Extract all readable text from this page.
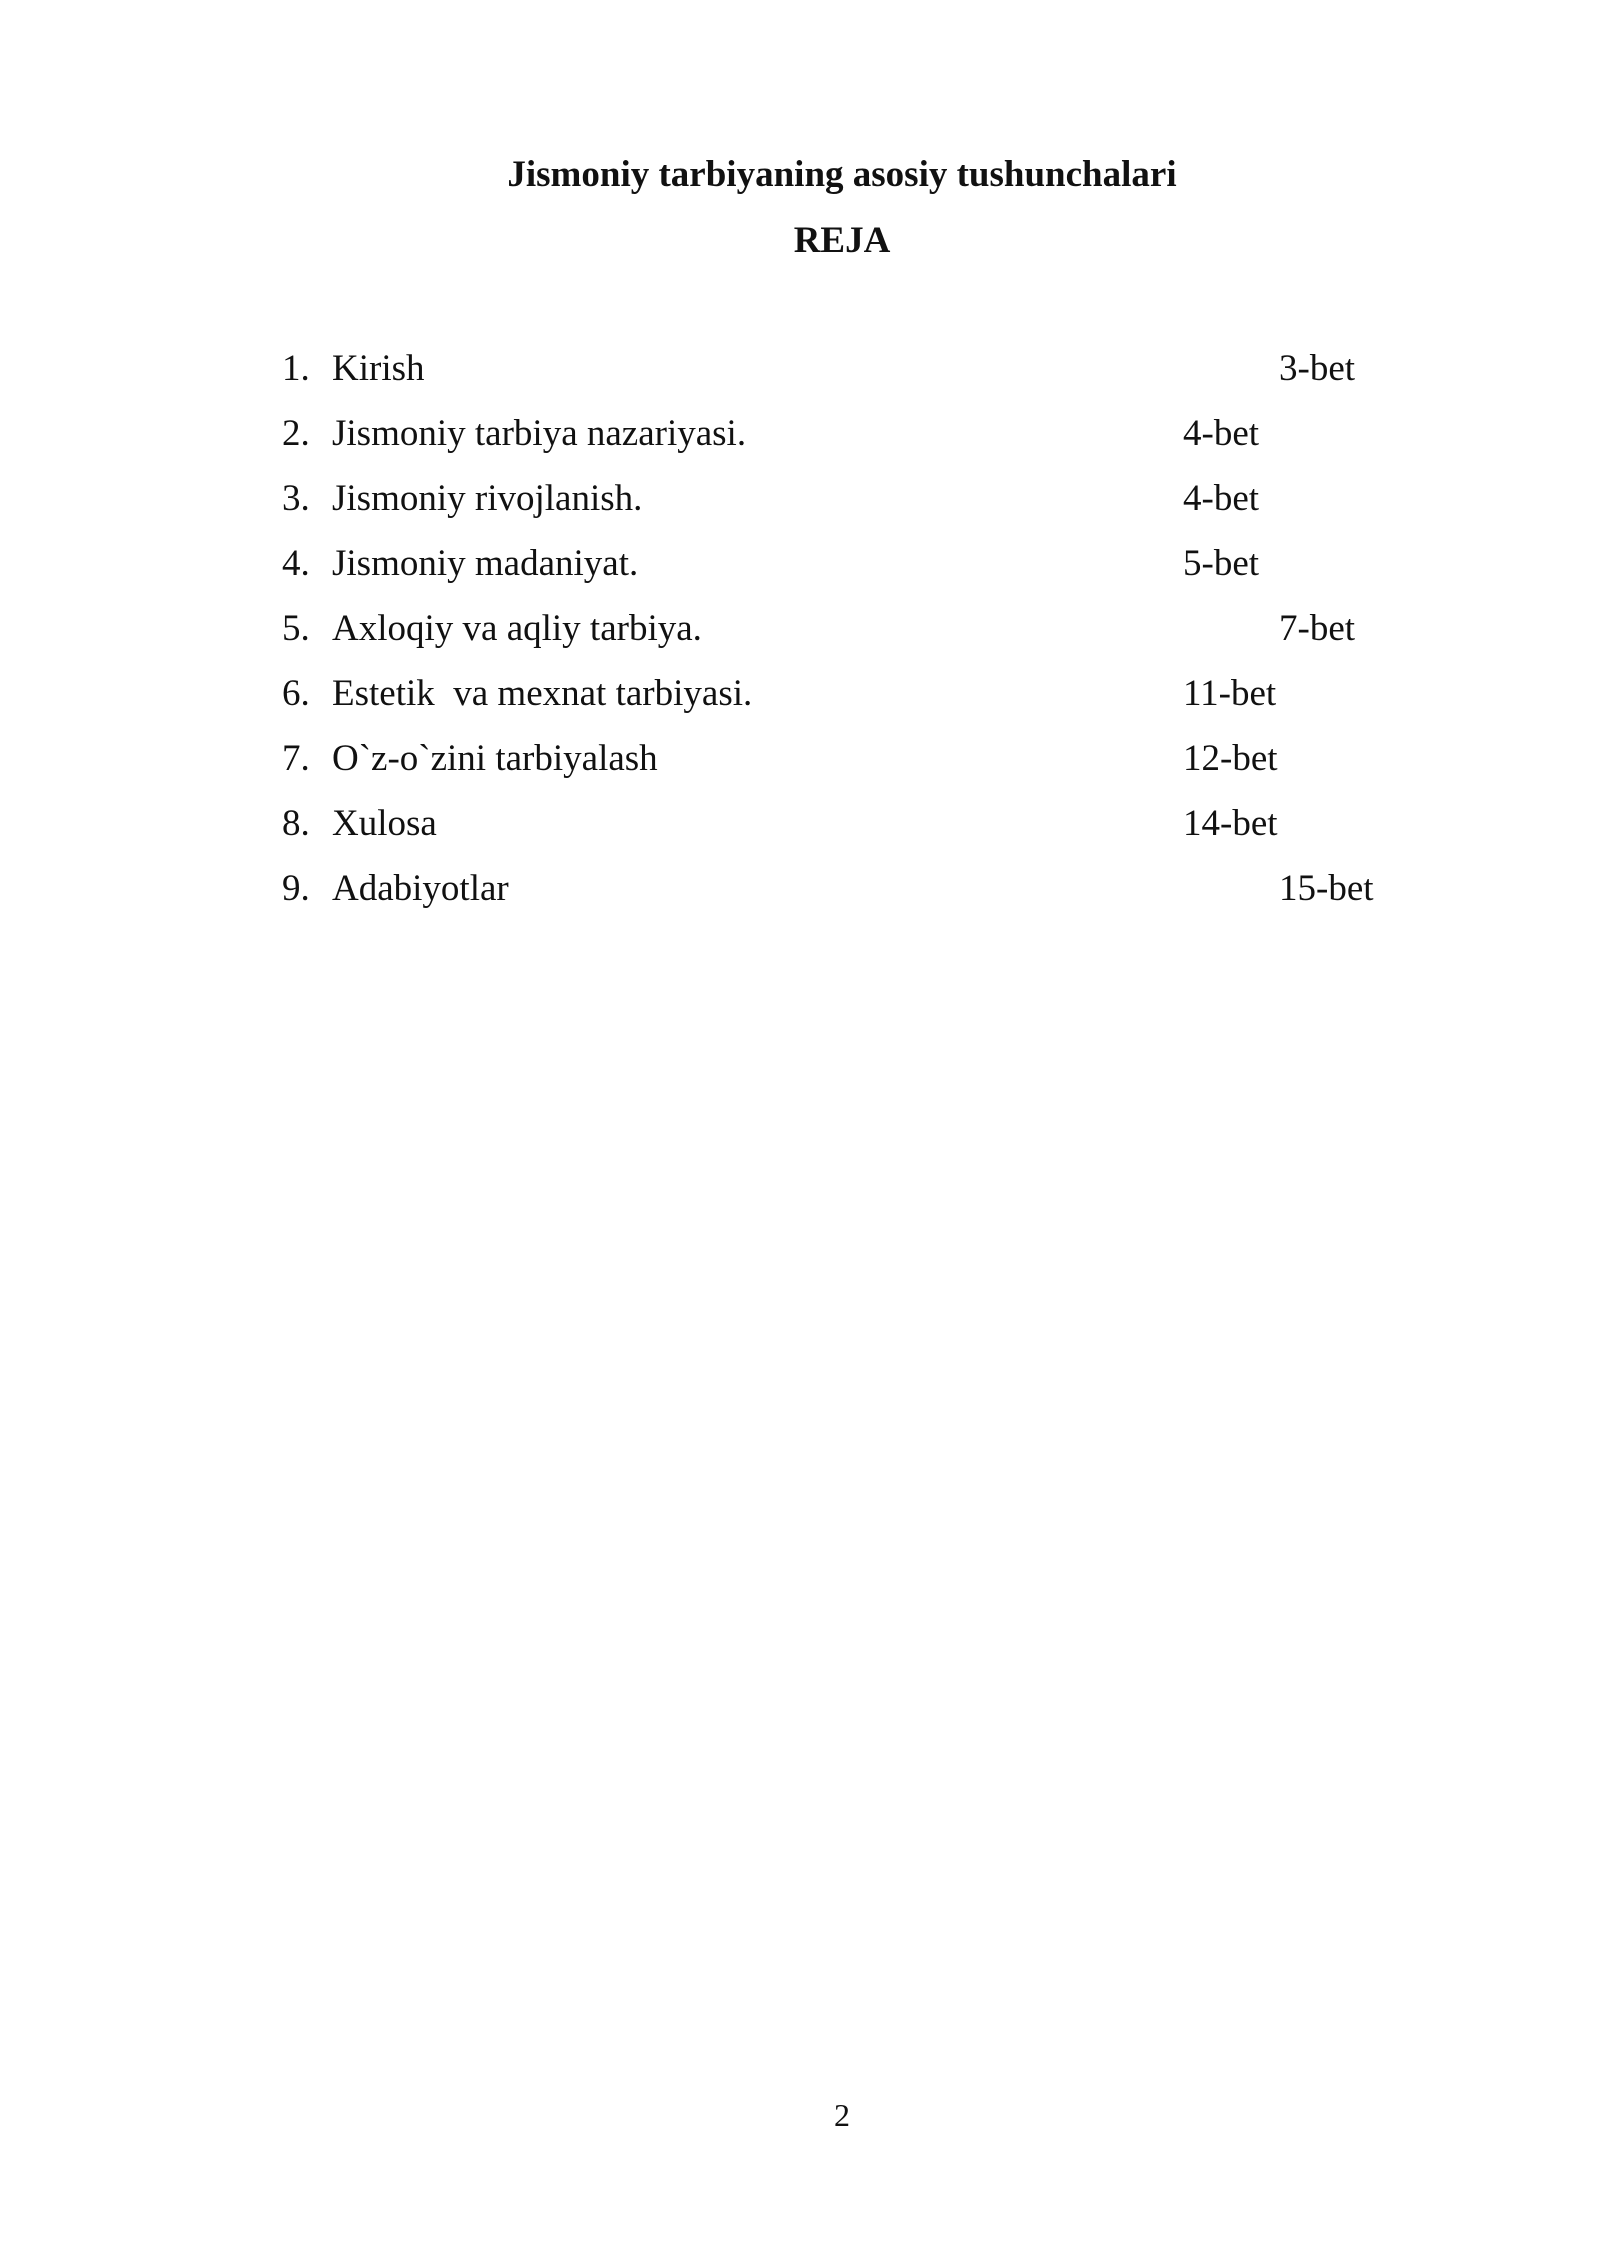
Jismoniy tarbiyaning asosiy tushunchalari
REJA
1. Kirish	3-bet
2. Jismoniy tarbiya nazariyasi.	4-bet
3. Jismoniy rivojlanish.	4-bet
4. Jismoniy madaniyat.	5-bet
5. Axloqiy va aqliy tarbiya.	7-bet
6. Estetik  va mexnat tarbiyasi.	11-bet
7. O`z-o`zini tarbiyalash	12-bet
8. Xulosa	14-bet
9. Adabiyotlar	15-bet
2
